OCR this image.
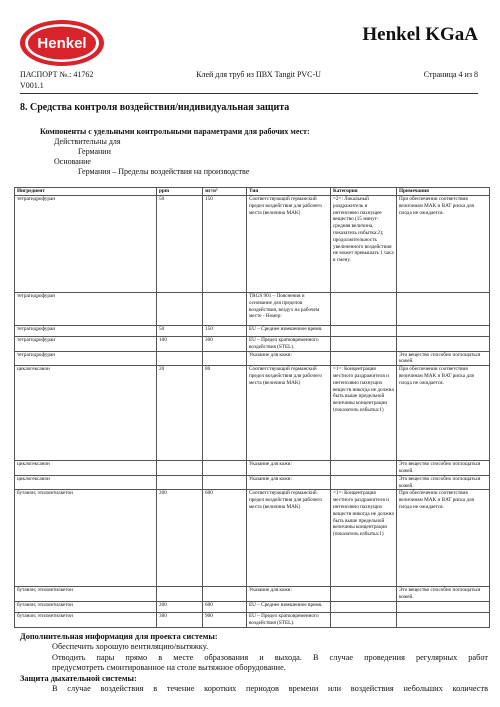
Henkel	Henkel KGaA
ПАСПОРТ №.: 41762	Клей для труб из ПВХ Tangit PVC-U	Страница 4 из 8
V001.1
8. Средства контроля воздействия/индивидуальная защита
Компоненты с удельными контрольными параметрами для рабочих мест:
Действительны для
Германии
Основание
Германия – Пределы воздействия на производстве
Ингредиент	ppm	мг/м³	Тип	Категория	Примечания
тетрагидрофуран	50	150	Соответствующий германский предел воздействия для рабочего места (величина MAK)	=2=: Локальный раздражитель и интенсивно пахнущее вещество (15 минут-средняя величина, показатель избытка:2); продолжительность увеличенного воздействия не может превышать 1 часа в смену.	При обеспечении соответствия величинам MAK и BAT риска для плода не ожидается.
тетрагидрофуран			TRGS 901 – Пояснения и основание для пределов воздействия, воздух на рабочем месте - Номер:		
тетрагидрофуран	50	150	EU – Среднее взвешенное время.		
тетрагидрофуран	100	300	EU – Предел кратковременного воздействия (STEL).		
тетрагидрофуран			Указание для кожи:		Это вещество способно поглощаться кожей.
циклогексанон	20	80	Соответствующий германский предел воздействия для рабочего места (величина MAK)	=1=: Концентрация местного раздражителя и интенсивно пахнущих веществ никогда не должна быть выше предельной величины концентрации (показатель избытка:1)	При обеспечении соответствия величинам MAK и BAT риска для плода не ожидается.
циклогексанон			Указание для кожи:		Это вещество способно поглощаться кожей.
циклогексанон			Указание для кожи:		Это вещество способно поглощаться кожей.
бутанон; этилметилкетон	200	600	Соответствующий германский предел воздействия для рабочего места (величина MAK)	=1=: Концентрация местного раздражителя и интенсивно пахнущих веществ никогда не должна быть выше предельной величины концентрации (показатель избытка:1)	При обеспечении соответствия величинам MAK и BAT риска для плода не ожидается.
бутанон; этилметилкетон			Указание для кожи:		Это вещество способно поглощаться кожей.
бутанон; этилметилкетон	200	600	EU – Среднее взвешенное время.		
бутанон; этилметилкетон	300	900	EU – Предел кратковременного воздействия (STEL).		
Дополнительная информация для проекта системы:
Обеспечить хорошую вентиляцию/вытяжку.
Отводить пары прямо в месте образования и выхода. В случае проведения регулярных работ
предусмотреть смонтированное на столе вытяжное оборудование.
Защита дыхательной системы:
В случае воздействия в течение коротких периодов времени или воздействия небольших количеств
